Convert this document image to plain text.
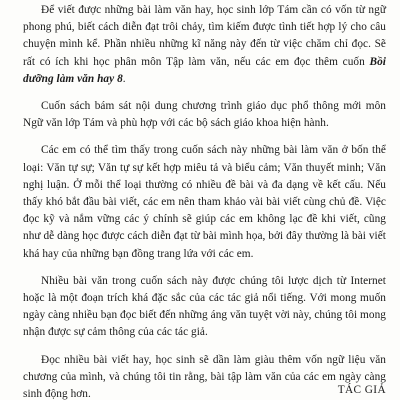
Để viết được những bài làm văn hay, học sinh lớp Tám cần có vốn từ ngữ phong phú, biết cách diễn đạt trôi chảy, tìm kiếm được tình tiết hợp lý cho câu chuyện mình kể. Phần nhiều những kĩ năng này đến từ việc chăm chỉ đọc. Sẽ rất có ích khi học phân môn Tập làm văn, nếu các em đọc thêm cuốn Bồi dưỡng làm văn hay 8.

Cuốn sách bám sát nội dung chương trình giáo dục phổ thông mới môn Ngữ văn lớp Tám và phù hợp với các bộ sách giáo khoa hiện hành.

Các em có thể tìm thấy trong cuốn sách này những bài làm văn ở bốn thể loại: Văn tự sự; Văn tự sự kết hợp miêu tả và biểu cảm; Văn thuyết minh; Văn nghị luận. Ở mỗi thể loại thường có nhiều đề bài và đa dạng về kết cấu. Nếu thấy khó bắt đầu bài viết, các em nên tham khảo vài bài viết cùng chủ đề. Việc đọc kỹ và nắm vững các ý chính sẽ giúp các em không lạc đề khi viết, cũng như dễ dàng học được cách diễn đạt từ bài mình họa, bởi đây thường là bài viết khá hay của những bạn đồng trang lứa với các em.

Nhiều bài văn trong cuốn sách này được chúng tôi lược dịch từ Internet hoặc là một đoạn trích khá đặc sắc của các tác giả nổi tiếng. Với mong muốn ngày càng nhiều bạn đọc biết đến những áng văn tuyệt vời này, chúng tôi mong nhận được sự cảm thông của các tác giả.

Đọc nhiều bài viết hay, học sinh sẽ dần làm giàu thêm vốn ngữ liệu văn chương của mình, và chúng tôi tin rằng, bài tập làm văn của các em ngày càng sinh động hơn.	TÁC GIẢ
